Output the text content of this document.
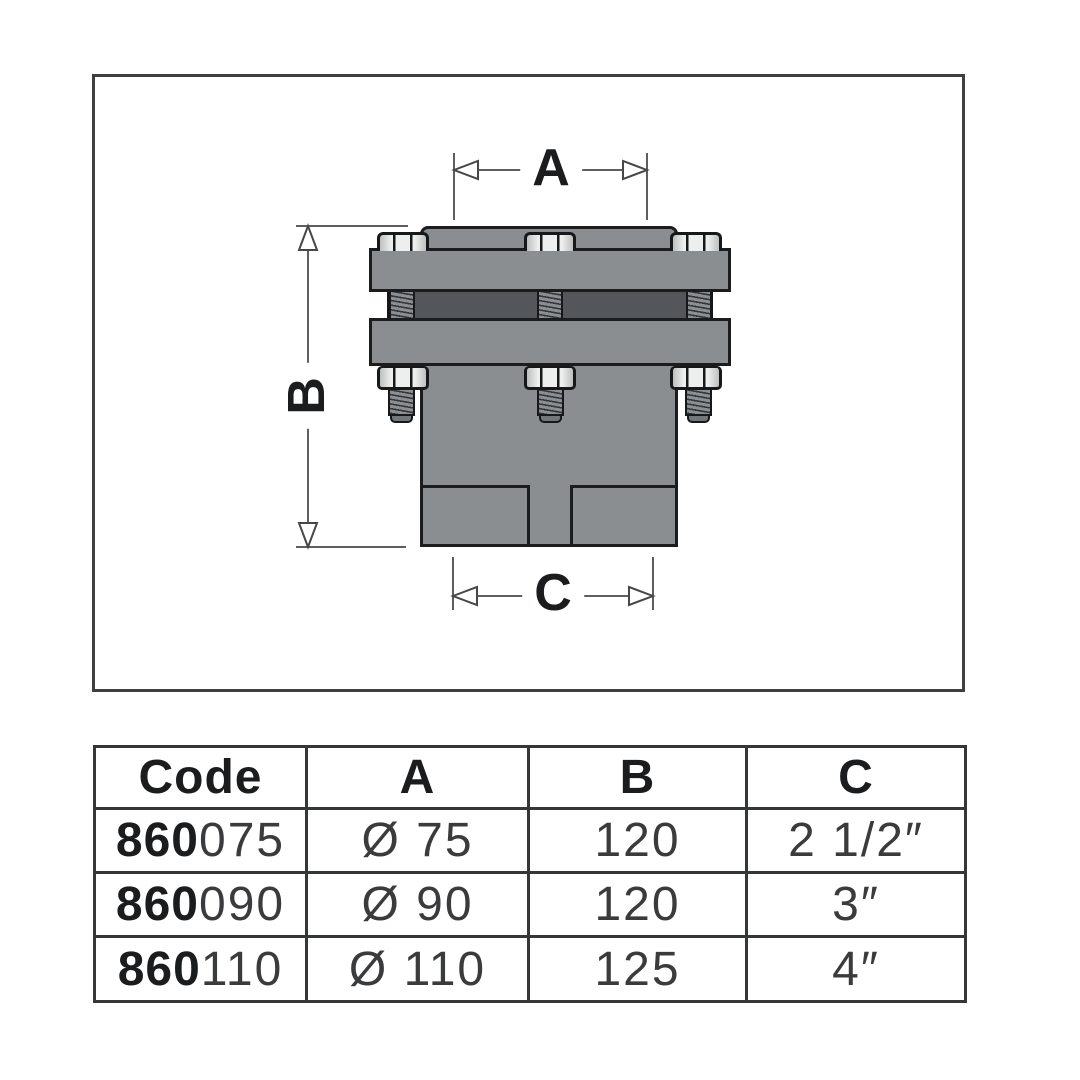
A
B
C
Code	A	B	C
860 075	Ø 75	120	2 1/2″
860 090	Ø 90	120	3″
860 110	Ø 110	125	4″
